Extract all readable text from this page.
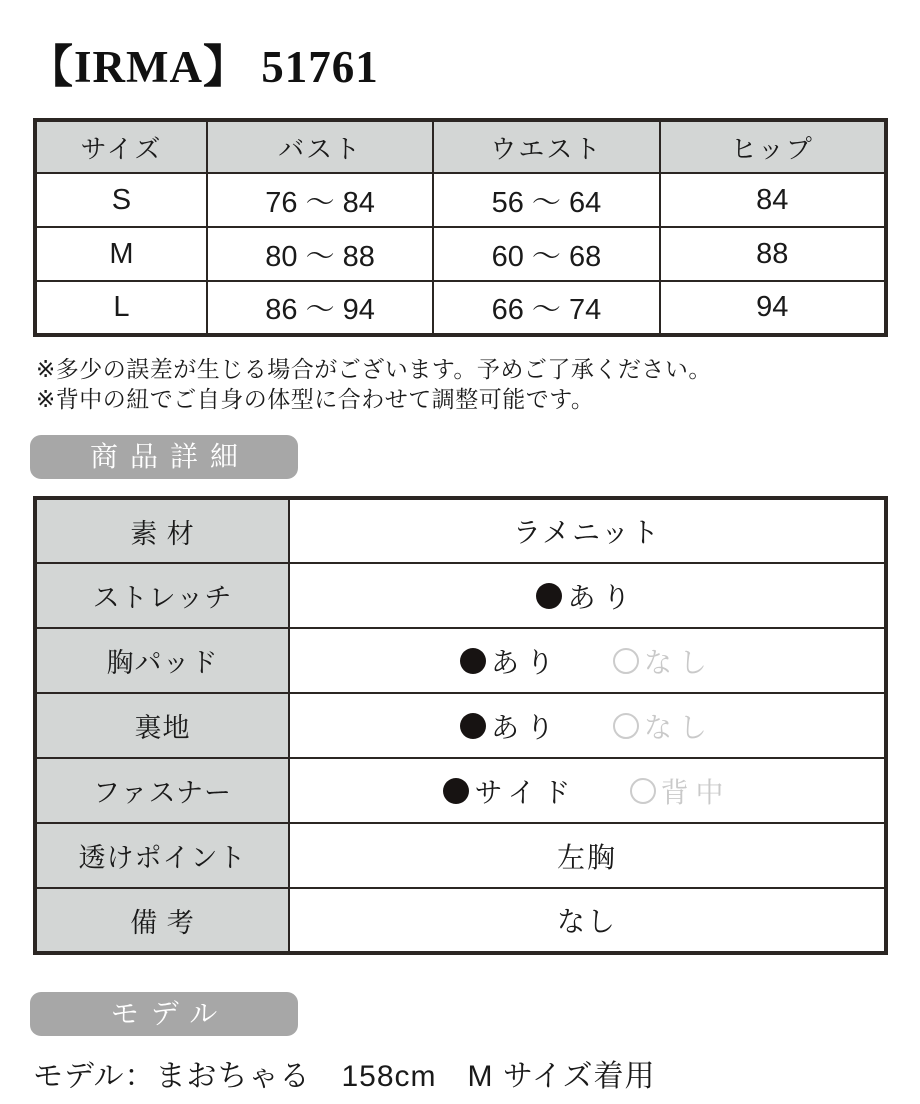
【IRMA】 51761
サイズ	バスト	ウエスト	ヒップ
S	76 ～ 84	56 ～ 64	84
M	80 ～ 88	60 ～ 68	88
L	86 ～ 94	66 ～ 74	94

※多少の誤差が生じる場合がございます。予めご了承ください。

※背中の紐でご自身の体型に合わせて調整可能です。

商品詳細
素 材	ラメニット
ストレッチ	あり

胸パッド	あり なし

裏地	あり なし

ファスナー	サイド 背中

透けポイント	左胸
備 考	なし
モデル

モデル：まおちゃる　158cm　M サイズ着用
